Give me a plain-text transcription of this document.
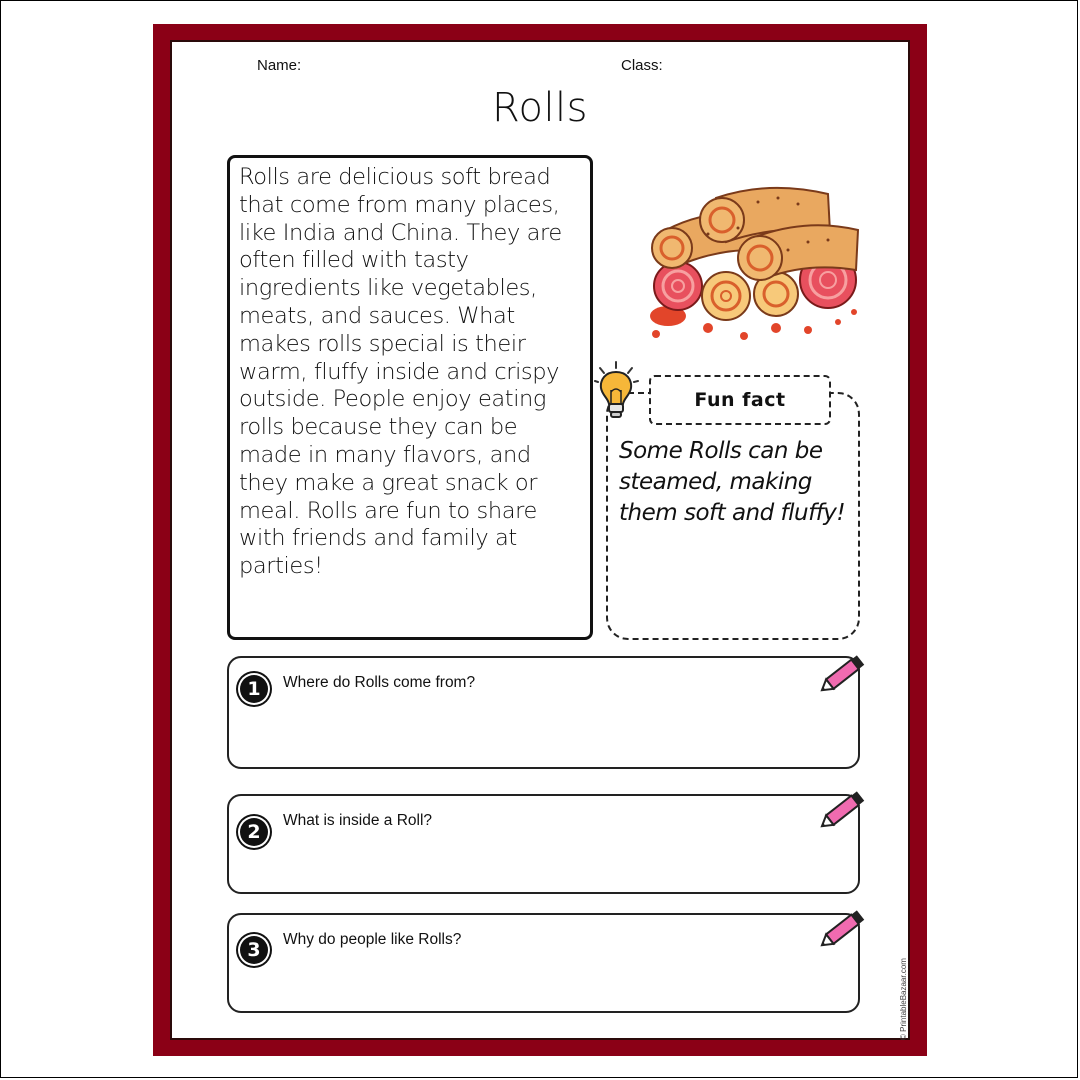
Name:	Class:
Rolls

Rolls are delicious soft bread that come from many places, like India and China. They are often filled with tasty ingredients like vegetables, meats, and sauces. What makes rolls special is their warm, fluffy inside and crispy outside. People enjoy eating rolls because they can be made in many flavors, and they make a great snack or meal. Rolls are fun to share with friends and family at parties!

Fun fact

Some Rolls can be steamed, making them soft and fluffy!

1	Where do Rolls come from?
2
What is inside a Roll?
3	Why do people like Rolls?
© PrintableBazaar.com
